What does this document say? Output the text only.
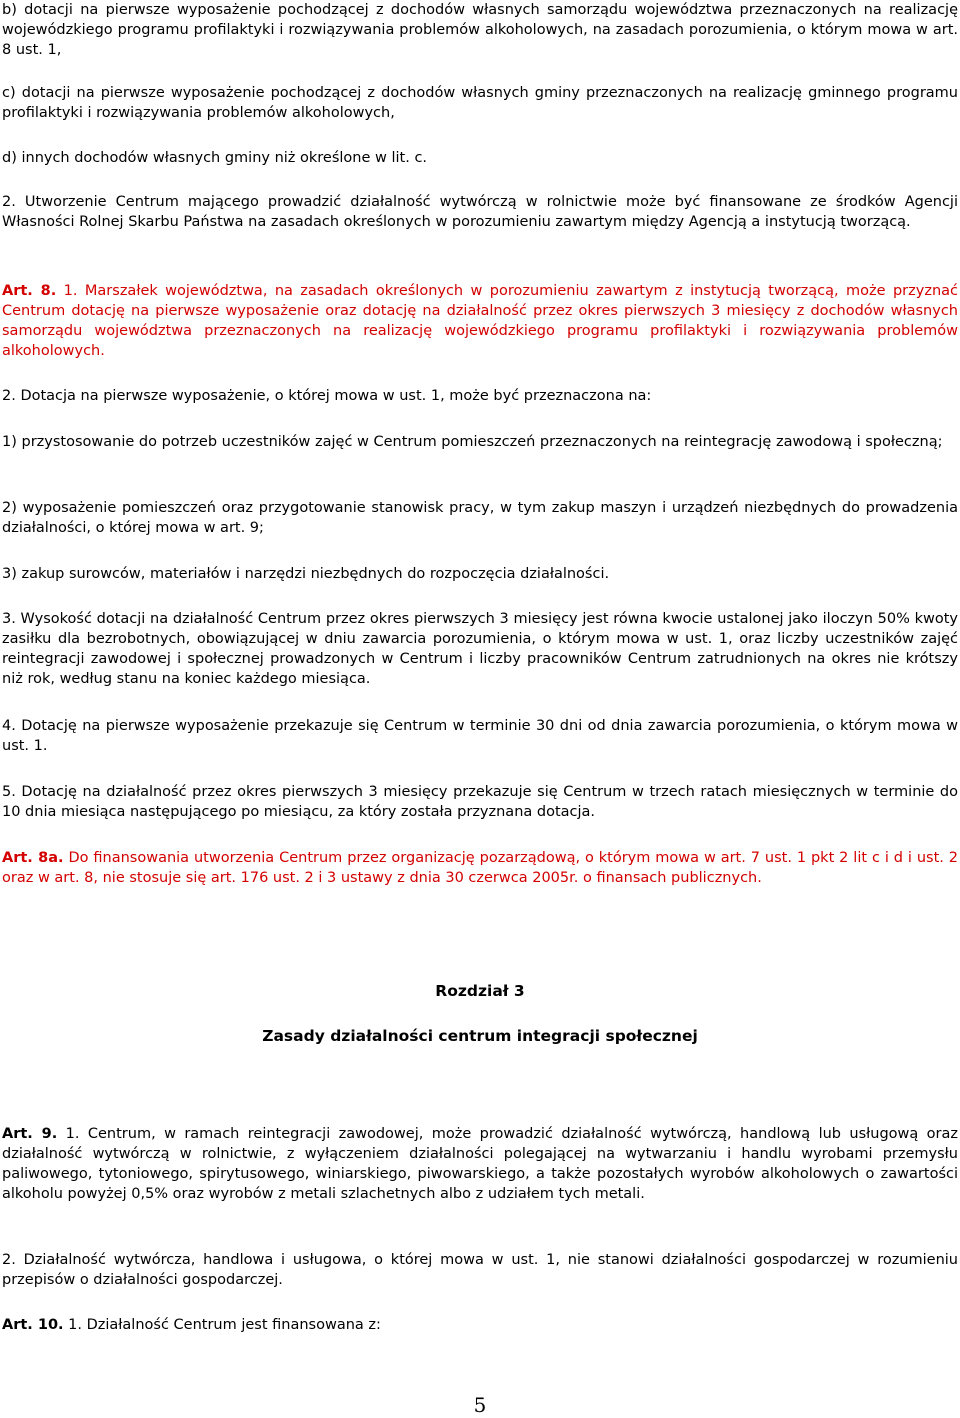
b) dotacji na pierwsze wyposażenie pochodzącej z dochodów własnych samorządu województwa przeznaczonych na realizację wojewódzkiego programu profilaktyki i rozwiązywania problemów alkoholowych, na zasadach porozumienia, o którym mowa w art. 8 ust. 1,

c) dotacji na pierwsze wyposażenie pochodzącej z dochodów własnych gminy przeznaczonych na realizację gminnego programu profilaktyki i rozwiązywania problemów alkoholowych,

d) innych dochodów własnych gminy niż określone w lit. c.

2. Utworzenie Centrum mającego prowadzić działalność wytwórczą w rolnictwie może być finansowane ze środków Agencji Własności Rolnej Skarbu Państwa na zasadach określonych w porozumieniu zawartym między Agencją a instytucją tworzącą.

Art. 8. 1. Marszałek województwa, na zasadach określonych w porozumieniu zawartym z instytucją tworzącą, może przyznać Centrum dotację na pierwsze wyposażenie oraz dotację na działalność przez okres pierwszych 3 miesięcy z dochodów własnych samorządu województwa przeznaczonych na realizację wojewódzkiego programu profilaktyki i rozwiązywania problemów alkoholowych.

2. Dotacja na pierwsze wyposażenie, o której mowa w ust. 1, może być przeznaczona na:

1) przystosowanie do potrzeb uczestników zajęć w Centrum pomieszczeń przeznaczonych na reintegrację zawodową i społeczną;

2) wyposażenie pomieszczeń oraz przygotowanie stanowisk pracy, w tym zakup maszyn i urządzeń niezbędnych do prowadzenia działalności, o której mowa w art. 9;

3) zakup surowców, materiałów i narzędzi niezbędnych do rozpoczęcia działalności.

3. Wysokość dotacji na działalność Centrum przez okres pierwszych 3 miesięcy jest równa kwocie ustalonej jako iloczyn 50% kwoty zasiłku dla bezrobotnych, obowiązującej w dniu zawarcia porozumienia, o którym mowa w ust. 1, oraz liczby uczestników zajęć reintegracji zawodowej i społecznej prowadzonych w Centrum i liczby pracowników Centrum zatrudnionych na okres nie krótszy niż rok, według stanu na koniec każdego miesiąca.

4. Dotację na pierwsze wyposażenie przekazuje się Centrum w terminie 30 dni od dnia zawarcia porozumienia, o którym mowa w ust. 1.

5. Dotację na działalność przez okres pierwszych 3 miesięcy przekazuje się Centrum w trzech ratach miesięcznych w terminie do 10 dnia miesiąca następującego po miesiącu, za który została przyznana dotacja.

Art. 8a. Do finansowania utworzenia Centrum przez organizację pozarządową, o którym mowa w art. 7 ust. 1 pkt 2 lit c i d i ust. 2 oraz w art. 8, nie stosuje się art. 176 ust. 2 i 3 ustawy z dnia 30 czerwca 2005r. o finansach publicznych.

Rozdział 3

Zasady działalności centrum integracji społecznej

Art. 9. 1. Centrum, w ramach reintegracji zawodowej, może prowadzić działalność wytwórczą, handlową lub usługową oraz działalność wytwórczą w rolnictwie, z wyłączeniem działalności polegającej na wytwarzaniu i handlu wyrobami przemysłu paliwowego, tytoniowego, spirytusowego, winiarskiego, piwowarskiego, a także pozostałych wyrobów alkoholowych o zawartości alkoholu powyżej 0,5% oraz wyrobów z metali szlachetnych albo z udziałem tych metali.

2. Działalność wytwórcza, handlowa i usługowa, o której mowa w ust. 1, nie stanowi działalności gospodarczej w rozumieniu przepisów o działalności gospodarczej.

Art. 10. 1. Działalność Centrum jest finansowana z:

5
